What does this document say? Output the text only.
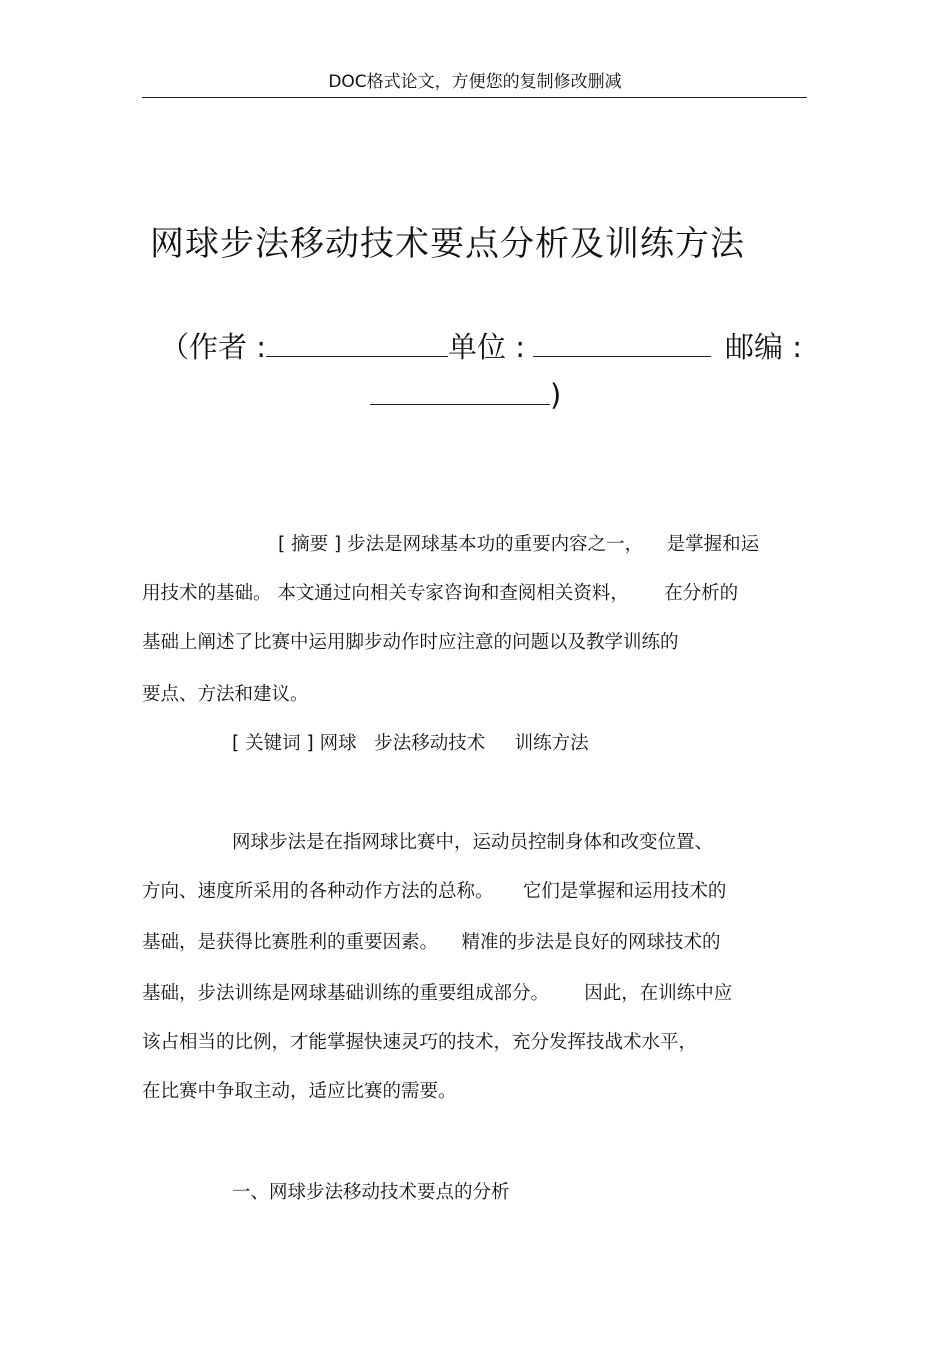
DOC格式论文，方便您的复制修改删减
网球步法移动技术要点分析及训练方法
（作者 :	单位 :	邮编 :
)
[ 摘要 ] 步法是网球基本功的重要内容之一，    是掌握和运
用技术的基础。 本文通过向相关专家咨询和查阅相关资料，      在分析的
基础上阐述了比赛中运用脚步动作时应注意的问题以及教学训练的
要点、方法和建议。
[ 关键词 ] 网球   步法移动技术     训练方法
网球步法是在指网球比赛中，运动员控制身体和改变位置、
方向、速度所采用的各种动作方法的总称。     它们是掌握和运用技术的
基础，是获得比赛胜利的重要因素。    精准的步法是良好的网球技术的
基础，步法训练是网球基础训练的重要组成部分。      因此，在训练中应
该占相当的比例，才能掌握快速灵巧的技术，充分发挥技战术水平，
在比赛中争取主动，适应比赛的需要。
一、网球步法移动技术要点的分析
